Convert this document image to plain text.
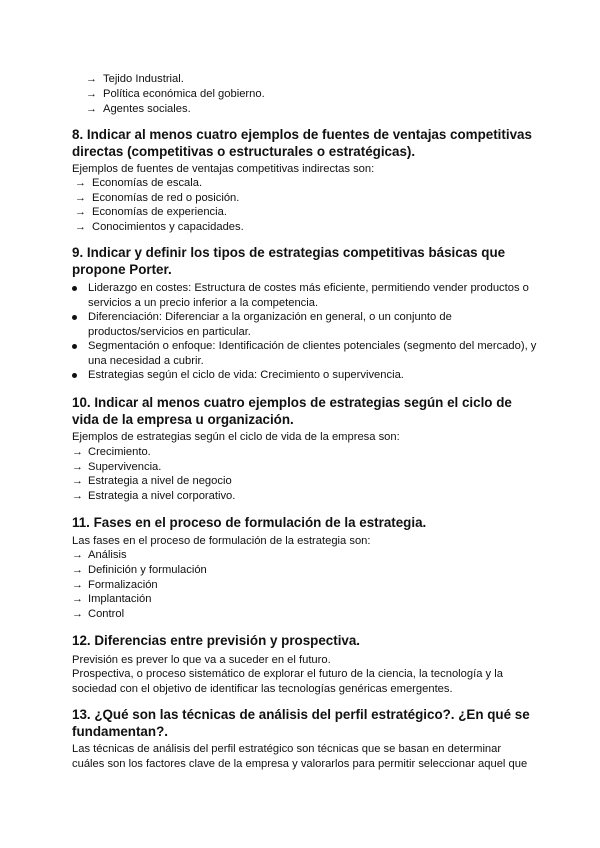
→ Tejido Industrial.
→ Política económica del gobierno.
→ Agentes sociales.
8. Indicar al menos cuatro ejemplos de fuentes de ventajas competitivas directas (competitivas o estructurales o estratégicas).

Ejemplos de fuentes de ventajas competitivas indirectas son:

→ Economías de escala.
→ Economías de red o posición.
→ Economías de experiencia.
→ Conocimientos y capacidades.
9. Indicar y definir los tipos de estrategias competitivas básicas que propone Porter.
Liderazgo en costes: Estructura de costes más eficiente, permitiendo vender productos o servicios a un precio inferior a la competencia.
Diferenciación: Diferenciar a la organización en general, o un conjunto de productos/servicios en particular.
Segmentación o enfoque: Identificación de clientes potenciales (segmento del mercado), y una necesidad a cubrir.
Estrategias según el ciclo de vida: Crecimiento o supervivencia.
10. Indicar al menos cuatro ejemplos de estrategias según el ciclo de vida de la empresa u organización.

Ejemplos de estrategias según el ciclo de vida de la empresa son:

→ Crecimiento.
→ Supervivencia.
→ Estrategia a nivel de negocio
→ Estrategia a nivel corporativo.
11. Fases en el proceso de formulación de la estrategia.

Las fases en el proceso de formulación de la estrategia son:

→ Análisis
→ Definición y formulación
→ Formalización
→ Implantación
→ Control
12. Diferencias entre previsión y prospectiva.

Previsión es prever lo que va a suceder en el futuro.

Prospectiva, o proceso sistemático de explorar el futuro de la ciencia, la tecnología y la sociedad con el objetivo de identificar las tecnologías genéricas emergentes.

13. ¿Qué son las técnicas de análisis del perfil estratégico?. ¿En qué se fundamentan?.

Las técnicas de análisis del perfil estratégico son técnicas que se basan en determinar cuáles son los factores clave de la empresa y valorarlos para permitir seleccionar aquel que
